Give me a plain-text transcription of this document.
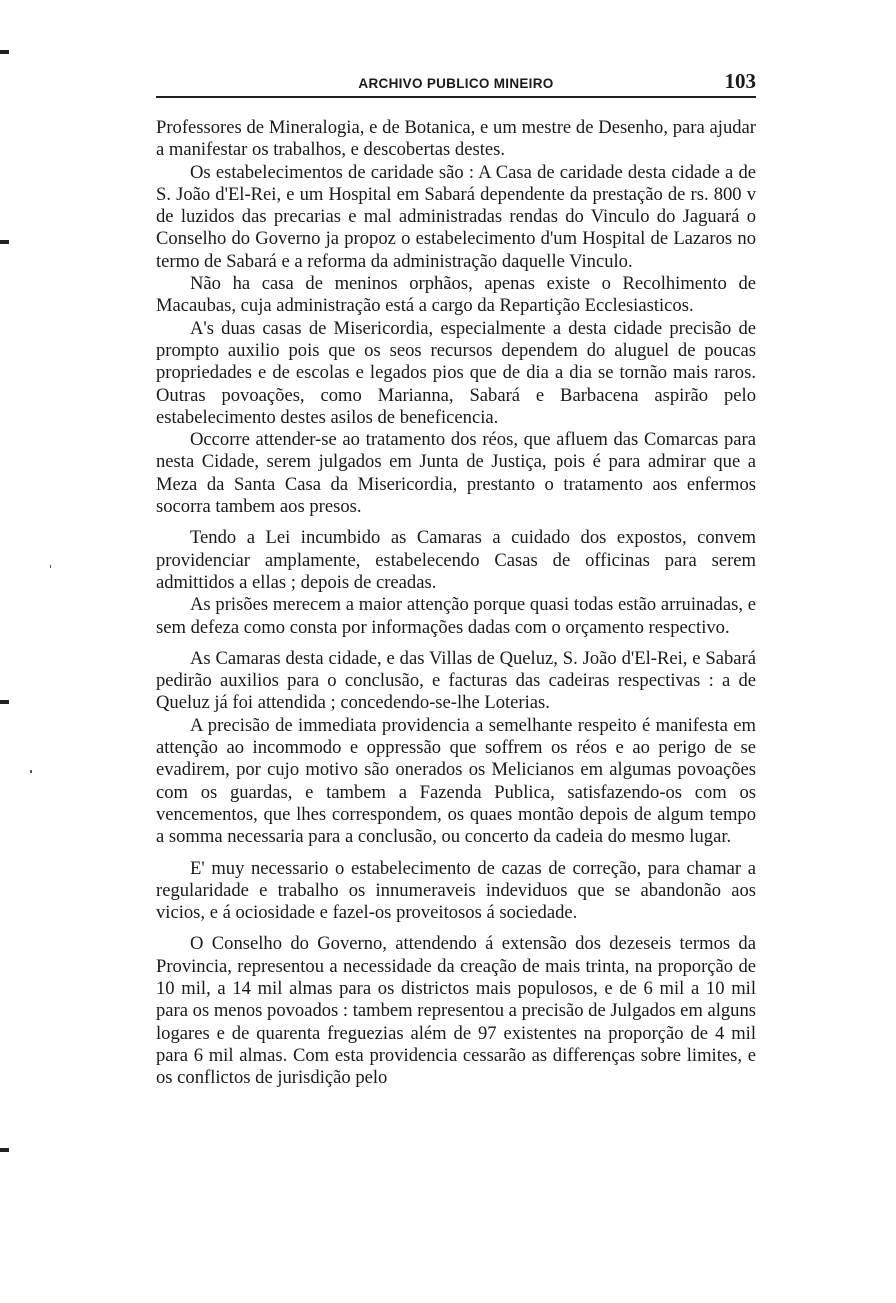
ARCHIVO PUBLICO MINEIRO	103

Professores de Mineralogia, e de Botanica, e um mestre de Desenho, para ajudar a manifestar os trabalhos, e descobertas destes.

Os estabelecimentos de caridade são : A Casa de caridade desta cidade a de S. João d'El-Rei, e um Hospital em Sabará dependente da prestação de rs. 800 v de luzidos das precarias e mal administradas rendas do Vinculo do Jaguará o Conselho do Governo ja propoz o estabelecimento d'um Hospital de Lazaros no termo de Sabará e a reforma da administração daquelle Vinculo.

Não ha casa de meninos orphãos, apenas existe o Recolhimento de Macaubas, cuja administração está a cargo da Repartição Ecclesiasticos.

A's duas casas de Misericordia, especialmente a desta cidade precisão de prompto auxilio pois que os seos recursos dependem do aluguel de poucas propriedades e de escolas e legados pios que de dia a dia se tornão mais raros. Outras povoações, como Marianna, Sabará e Barbacena aspirão pelo estabelecimento destes asilos de beneficencia.

Occorre attender-se ao tratamento dos réos, que afluem das Comarcas para nesta Cidade, serem julgados em Junta de Justiça, pois é para admirar que a Meza da Santa Casa da Misericordia, prestanto o tratamento aos enfermos socorra tambem aos presos.

Tendo a Lei incumbido as Camaras a cuidado dos expostos, convem providenciar amplamente, estabelecendo Casas de officinas para serem admittidos a ellas ; depois de creadas.

As prisões merecem a maior attenção porque quasi todas estão arruinadas, e sem defeza como consta por informações dadas com o orçamento respectivo.

As Camaras desta cidade, e das Villas de Queluz, S. João d'El-Rei, e Sabará pedirão auxilios para o conclusão, e facturas das cadeiras respectivas : a de Queluz já foi attendida ; concedendo-se-lhe Loterias.

A precisão de immediata providencia a semelhante respeito é manifesta em attenção ao incommodo e oppressão que soffrem os réos e ao perigo de se evadirem, por cujo motivo são onerados os Melicianos em algumas povoações com os guardas, e tambem a Fazenda Publica, satisfazendo-os com os vencementos, que lhes correspondem, os quaes montão depois de algum tempo a somma necessaria para a conclusão, ou concerto da cadeia do mesmo lugar.

E' muy necessario o estabelecimento de cazas de correção, para chamar a regularidade e trabalho os innumeraveis indeviduos que se abandonão aos vicios, e á ociosidade e fazel-os proveitosos á sociedade.

O Conselho do Governo, attendendo á extensão dos dezeseis termos da Provincia, representou a necessidade da creação de mais trinta, na proporção de 10 mil, a 14 mil almas para os districtos mais populosos, e de 6 mil a 10 mil para os menos povoados : tambem representou a precisão de Julgados em alguns logares e de quarenta freguezias além de 97 existentes na proporção de 4 mil para 6 mil almas. Com esta providencia cessarão as differenças sobre limites, e os conflictos de jurisdição pelo
